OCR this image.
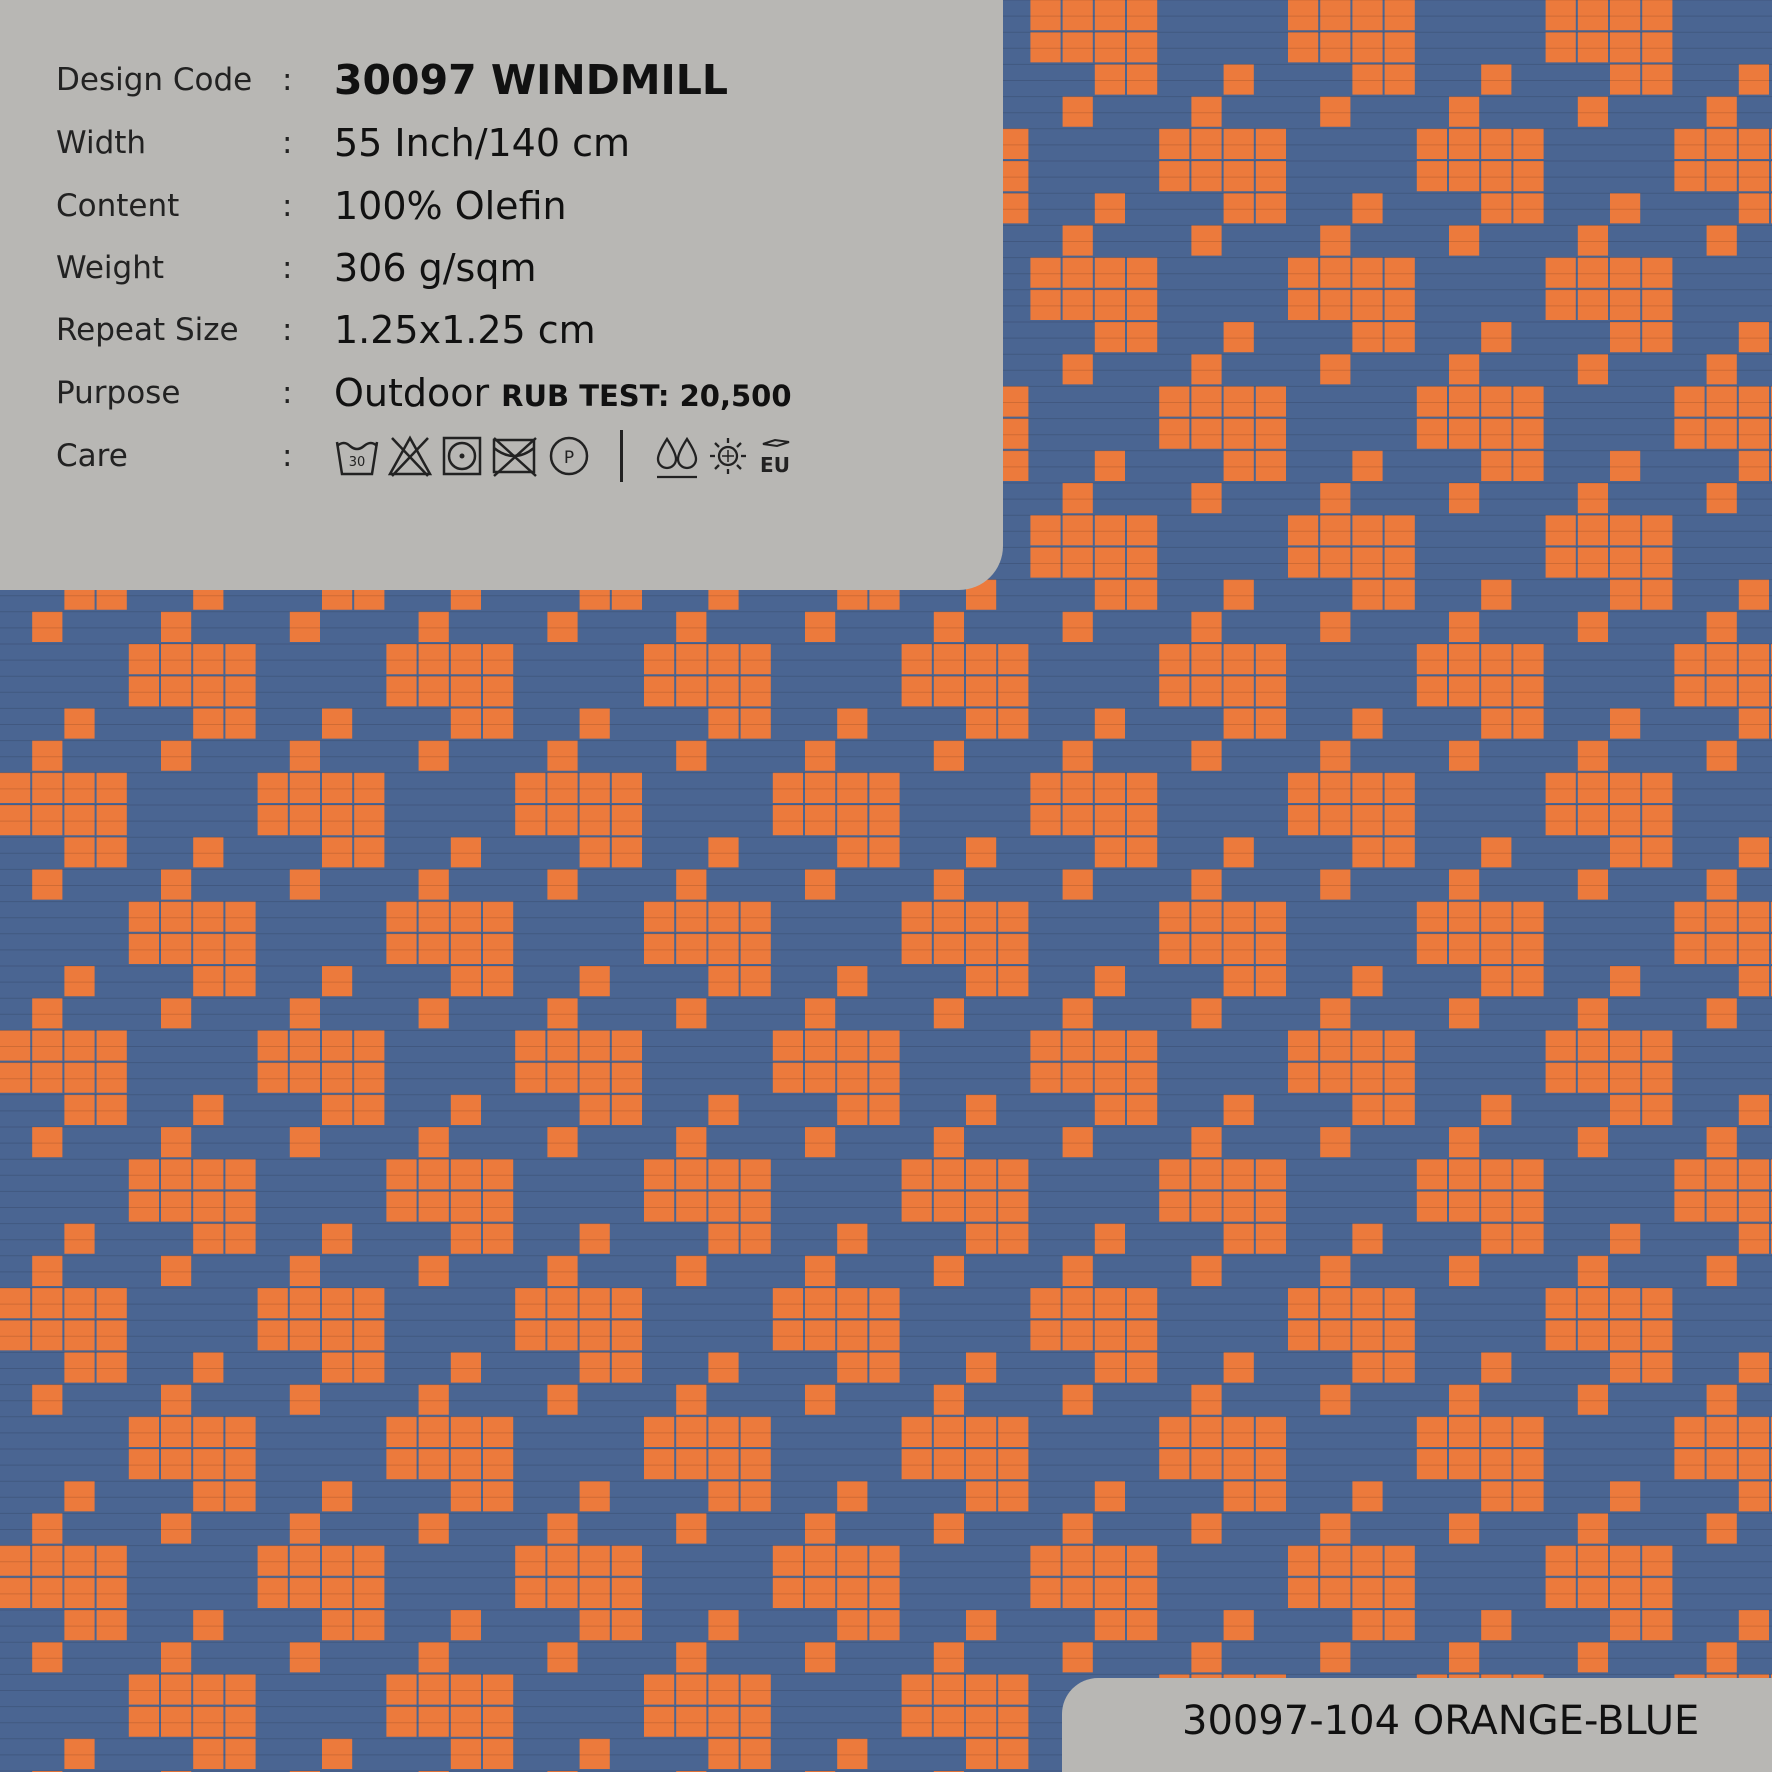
Design Code :	30097 WINDMILL
Width	:	55 Inch/140 cm
Content	:	100% Olefin
Weight	:	306 g/sqm
Repeat Size	:	1.25x1.25 cm
Purpose	:	Outdoor RUB TEST: 20,500
Care	:	30	P	EU
30097-104 ORANGE-BLUE
